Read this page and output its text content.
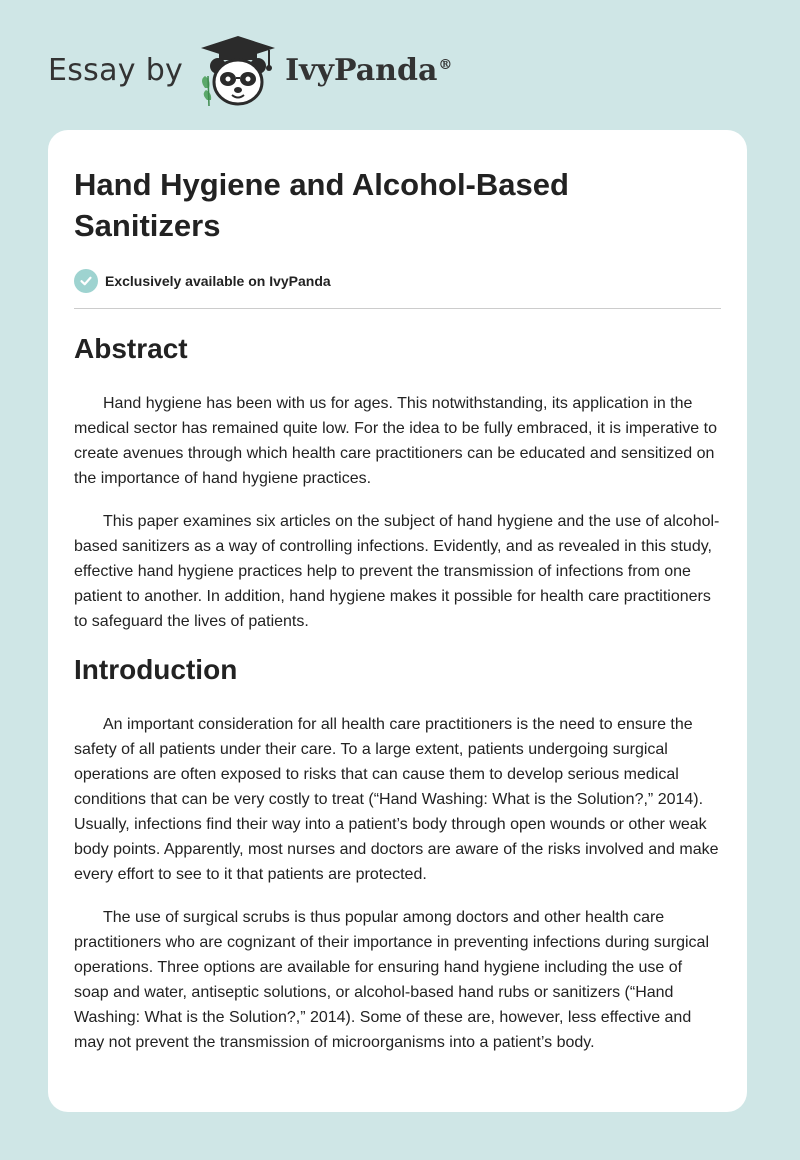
Essay by	IvyPanda®
Hand Hygiene and Alcohol-Based Sanitizers
Exclusively available on IvyPanda
Abstract

Hand hygiene has been with us for ages. This notwithstanding, its application in the medical sector has remained quite low. For the idea to be fully embraced, it is imperative to create avenues through which health care practitioners can be educated and sensitized on the importance of hand hygiene practices.

This paper examines six articles on the subject of hand hygiene and the use of alcohol-based sanitizers as a way of controlling infections. Evidently, and as revealed in this study, effective hand hygiene practices help to prevent the transmission of infections from one patient to another. In addition, hand hygiene makes it possible for health care practitioners to safeguard the lives of patients.

Introduction

An important consideration for all health care practitioners is the need to ensure the safety of all patients under their care. To a large extent, patients undergoing surgical operations are often exposed to risks that can cause them to develop serious medical conditions that can be very costly to treat (“Hand Washing: What is the Solution?,” 2014). Usually, infections find their way into a patient’s body through open wounds or other weak body points. Apparently, most nurses and doctors are aware of the risks involved and make every effort to see to it that patients are protected.

The use of surgical scrubs is thus popular among doctors and other health care practitioners who are cognizant of their importance in preventing infections during surgical operations. Three options are available for ensuring hand hygiene including the use of soap and water, antiseptic solutions, or alcohol-based hand rubs or sanitizers (“Hand Washing: What is the Solution?,” 2014). Some of these are, however, less effective and may not prevent the transmission of microorganisms into a patient’s body.
